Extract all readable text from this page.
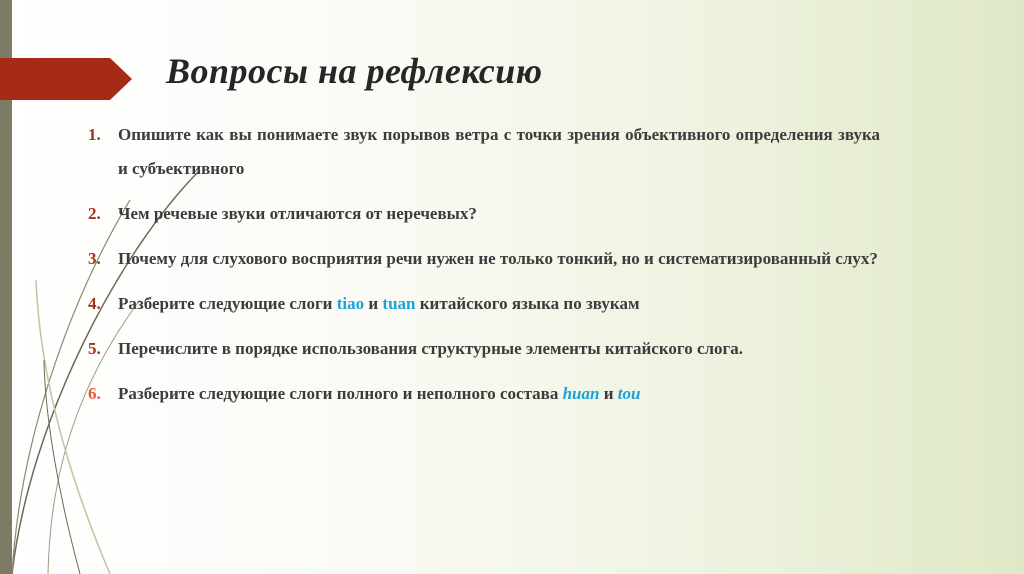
Вопросы на рефлексию
1.	Опишите как вы понимаете звук порывов ветра с точки зрения объективного определения звука и субъективного
2.	Чем речевые звуки отличаются от неречевых?
3.	Почему для слухового восприятия речи нужен не только тонкий, но и систематизированный слух?
4.	Разберите следующие слоги tiao и tuan китайского языка по звукам
5.	Перечислите в порядке использования структурные элементы китайского слога.
6.	Разберите следующие слоги полного и неполного состава huan и tou
